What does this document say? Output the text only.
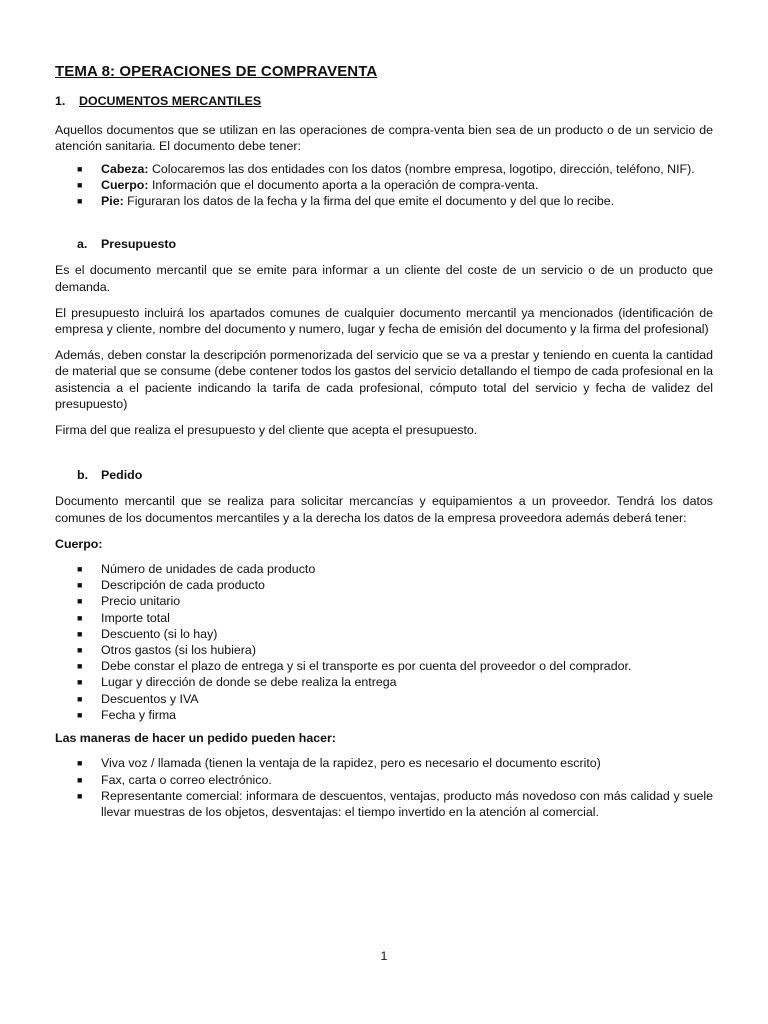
TEMA 8: OPERACIONES DE COMPRAVENTA
1.	DOCUMENTOS MERCANTILES

Aquellos documentos que se utilizan en las operaciones de compra-venta bien sea de un producto o de un servicio de atención sanitaria. El documento debe tener:

■	Cabeza: Colocaremos las dos entidades con los datos (nombre empresa, logotipo, dirección, teléfono, NIF).
■	Cuerpo: Información que el documento aporta a la operación de compra-venta.
■	Pie: Figuraran los datos de la fecha y la firma del que emite el documento y del que lo recibe.
a.	Presupuesto

Es el documento mercantil que se emite para informar a un cliente del coste de un servicio o de un producto que demanda.

El presupuesto incluirá los apartados comunes de cualquier documento mercantil ya mencionados (identificación de empresa y cliente, nombre del documento y numero, lugar y fecha de emisión del documento y la firma del profesional)

Además, deben constar la descripción pormenorizada del servicio que se va a prestar y teniendo en cuenta la cantidad de material que se consume (debe contener todos los gastos del servicio detallando el tiempo de cada profesional en la asistencia a el paciente indicando la tarifa de cada profesional, cómputo total del servicio y fecha de validez del presupuesto)

Firma del que realiza el presupuesto y del cliente que acepta el presupuesto.

b.	Pedido

Documento mercantil que se realiza para solicitar mercancías y equipamientos a un proveedor. Tendrá los datos comunes de los documentos mercantiles y a la derecha los datos de la empresa proveedora además deberá tener:

Cuerpo:

■	Número de unidades de cada producto
■	Descripción de cada producto
■	Precio unitario
■	Importe total
■	Descuento (si lo hay)
■	Otros gastos (si los hubiera)
■	Debe constar el plazo de entrega y si el transporte es por cuenta del proveedor o del comprador.
■	Lugar y dirección de donde se debe realiza la entrega
■	Descuentos y IVA
■	Fecha y firma

Las maneras de hacer un pedido pueden hacer:

■	Viva voz / llamada (tienen la ventaja de la rapidez, pero es necesario el documento escrito)
■	Fax, carta o correo electrónico.
■	Representante comercial: informara de descuentos, ventajas, producto más novedoso con más calidad y suele llevar muestras de los objetos, desventajas: el tiempo invertido en la atención al comercial.
1
